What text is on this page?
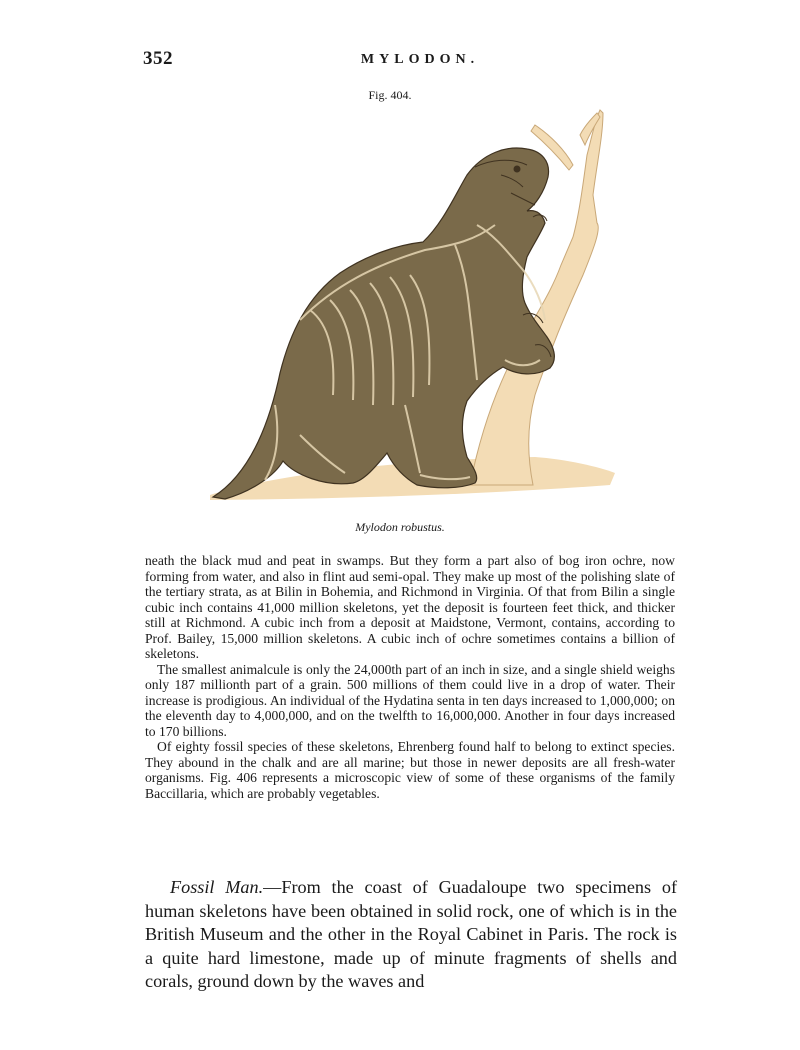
352	MYLODON.
Fig. 404.
Mylodon robustus.

neath the black mud and peat in swamps. But they form a part also of bog iron ochre, now forming from water, and also in flint aud semi-opal. They make up most of the polishing slate of the tertiary strata, as at Bilin in Bohemia, and Richmond in Virginia. Of that from Bilin a single cubic inch contains 41,000 million skeletons, yet the deposit is fourteen feet thick, and thicker still at Richmond. A cubic inch from a deposit at Maidstone, Vermont, contains, according to Prof. Bailey, 15,000 million skeletons. A cubic inch of ochre sometimes contains a billion of skeletons.

The smallest animalcule is only the 24,000th part of an inch in size, and a single shield weighs only 187 millionth part of a grain. 500 millions of them could live in a drop of water. Their increase is prodigious. An individual of the Hydatina senta in ten days increased to 1,000,000; on the eleventh day to 4,000,000, and on the twelfth to 16,000,000. Another in four days increased to 170 billions.

Of eighty fossil species of these skeletons, Ehrenberg found half to belong to extinct species. They abound in the chalk and are all marine; but those in newer deposits are all fresh-water organisms. Fig. 406 represents a microscopic view of some of these organisms of the family Baccillaria, which are probably vegetables.

Fossil Man.—From the coast of Guadaloupe two specimens of human skeletons have been obtained in solid rock, one of which is in the British Museum and the other in the Royal Cabinet in Paris. The rock is a quite hard limestone, made up of minute fragments of shells and corals, ground down by the waves and
